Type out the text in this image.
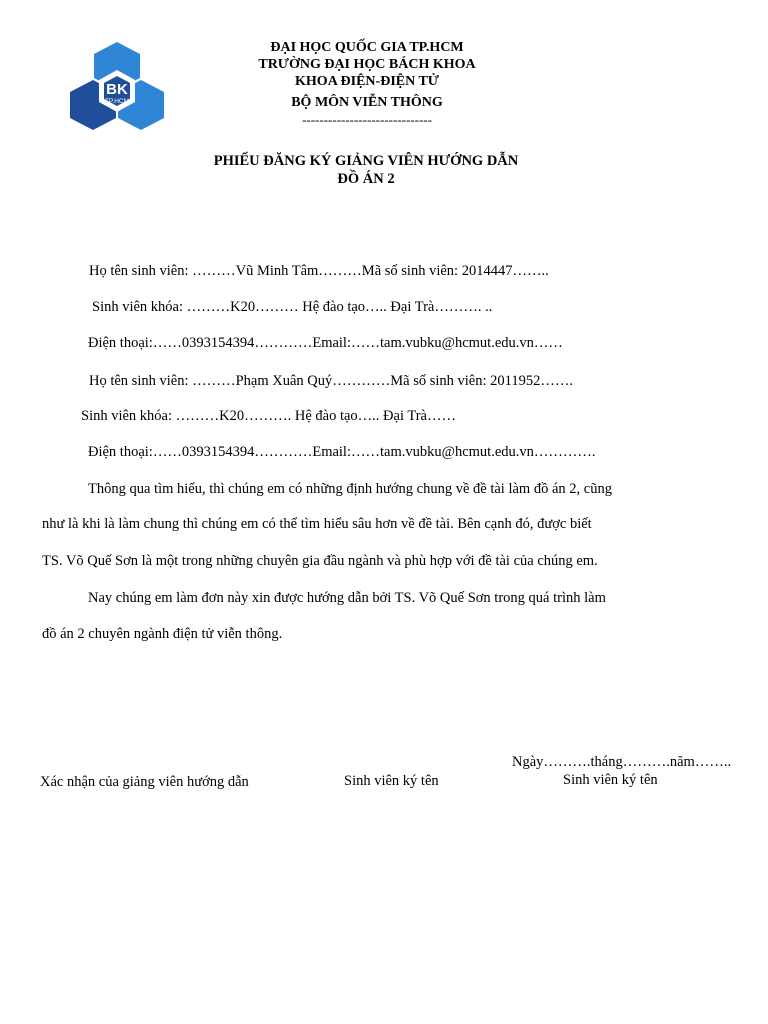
BK
TP.HCM
ĐẠI HỌC QUỐC GIA TP.HCM
TRƯỜNG ĐẠI HỌC BÁCH KHOA
KHOA ĐIỆN-ĐIỆN TỬ
BỘ MÔN VIỄN THÔNG
------------------------------
PHIẾU ĐĂNG KÝ GIẢNG VIÊN HƯỚNG DẪN
ĐỒ ÁN 2
Họ tên sinh viên: ………Vũ Minh Tâm………Mã số sinh viên: 2014447……..
Sinh viên khóa: ………K20……… Hệ đào tạo….. Đại Trà………. ..
Điện thoại:……0393154394…………Email:……tam.vubku@hcmut.edu.vn……
Họ tên sinh viên: ………Phạm Xuân Quý…………Mã số sinh viên: 2011952…….
Sinh viên khóa: ………K20………. Hệ đào tạo….. Đại Trà……
Điện thoại:……0393154394…………Email:……tam.vubku@hcmut.edu.vn………….
Thông qua tìm hiểu, thì chúng em có những định hướng chung về đề tài làm đồ án 2, cũng
như là khi là làm chung thì chúng em có thể tìm hiểu sâu hơn về đề tài. Bên cạnh đó, được biết
TS. Võ Quế Sơn là một trong những chuyên gia đầu ngành và phù hợp với đề tài của chúng em.
Nay chúng em làm đơn này xin được hướng dẫn bởi TS. Võ Quế Sơn trong quá trình làm
đồ án 2 chuyên ngành điện tử viễn thông.
Ngày……….tháng……….năm……..
Xác nhận của giảng viên hướng dẫn	Sinh viên ký tên	Sinh viên ký tên
